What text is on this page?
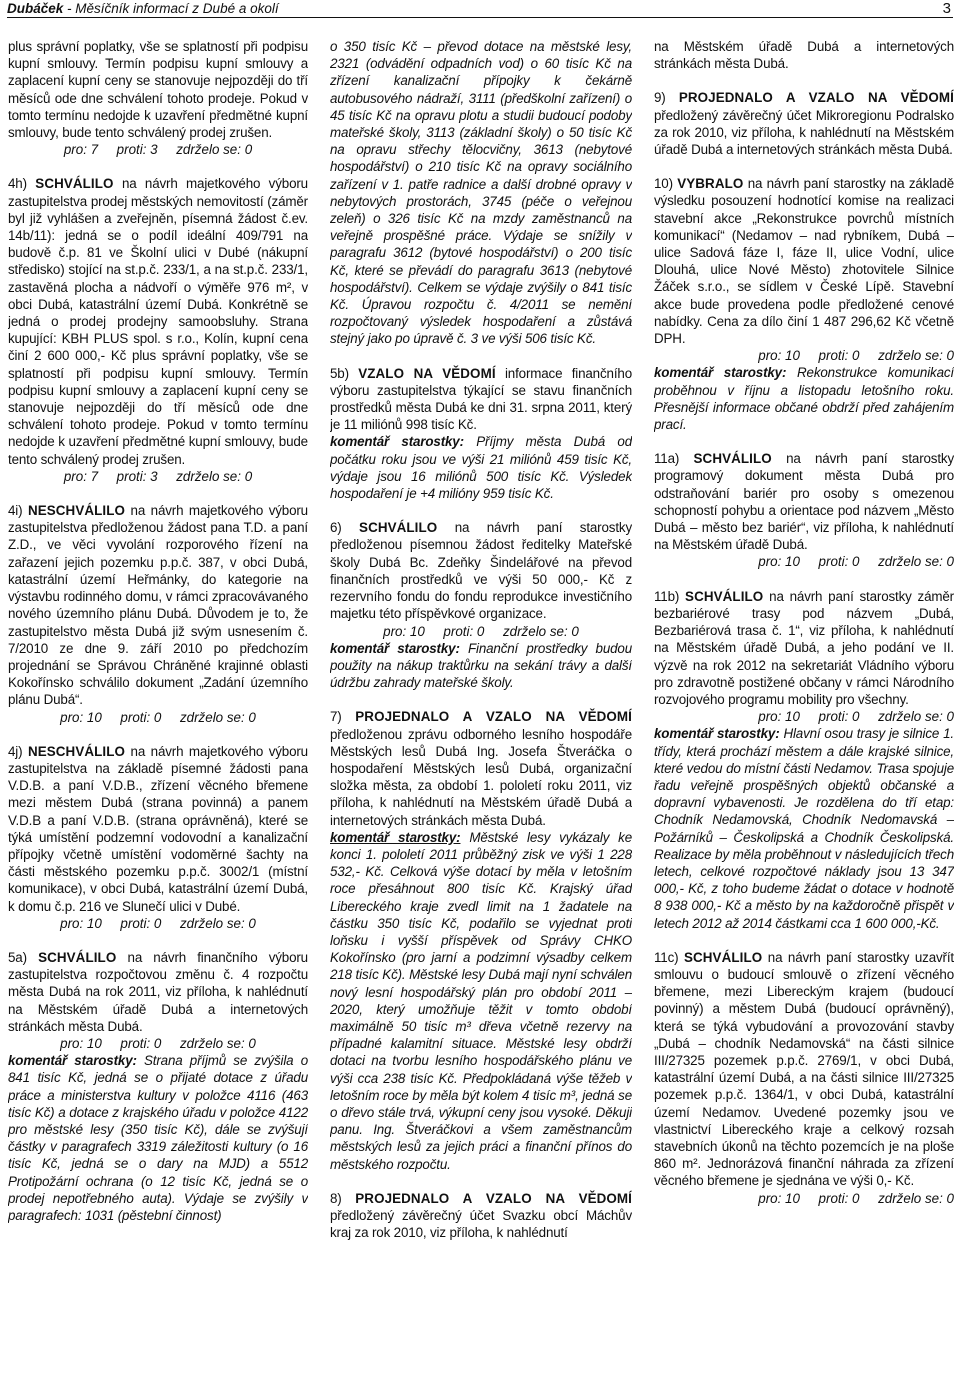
Dubáček - Měsíčník informací z Dubé a okolí	3

plus správní poplatky, vše se splatností při podpisu kupní smlouvy. Termín podpisu kupní smlouvy a zaplacení kupní ceny se stanovuje nejpozději do tří měsíců ode dne schválení tohoto prodeje. Pokud v tomto termínu nedojde k uzavření předmětné kupní smlouvy, bude tento schválený prodej zrušen.

pro: 7     proti: 3     zdrželo se: 0

4h) SCHVÁLILO na návrh majetkového výboru zastupitelstva prodej městských nemovitostí (záměr byl již vyhlášen a zveřejněn, písemná žádost č.ev. 14b/11): jedná se o podíl ideální 409/791 na budově č.p. 81 ve Školní ulici v Dubé (nákupní středisko) stojící na st.p.č. 233/1, a na st.p.č. 233/1, zastavěná plocha a nádvoří o výměře 976 m², v obci Dubá, katastrální území Dubá. Konkrétně se jedná o prodej prodejny samoobsluhy. Strana kupující: KBH PLUS spol. s r.o., Kolín, kupní cena činí 2 600 000,- Kč plus správní poplatky, vše se splatností při podpisu kupní smlouvy. Termín podpisu kupní smlouvy a zaplacení kupní ceny se stanovuje nejpozději do tří měsíců ode dne schválení tohoto prodeje. Pokud v tomto termínu nedojde k uzavření předmětné kupní smlouvy, bude tento schválený prodej zrušen.

pro: 7     proti: 3     zdrželo se: 0

4i) NESCHVÁLILO na návrh majetkového výboru zastupitelstva předloženou žádost pana T.D. a paní Z.D., ve věci vyvolání rozporového řízení na zařazení jejich pozemku p.p.č. 387, v obci Dubá, katastrální území Heřmánky, do kategorie na výstavbu rodinného domu, v rámci zpracovávaného nového územního plánu Dubá. Důvodem je to, že zastupitelstvo města Dubá již svým usnesením č. 7/2010 ze dne 9. září 2010 po předchozím projednání se Správou Chráněné krajinné oblasti Kokořínsko schválilo dokument „Zadání územního plánu Dubá“.

pro: 10     proti: 0     zdrželo se: 0

4j) NESCHVÁLILO na návrh majetkového výboru zastupitelstva na základě písemné žádosti pana V.D.B. a paní V.D.B., zřízení věcného břemene mezi městem Dubá (strana povinná) a panem V.D.B a paní V.D.B. (strana oprávněná), které se týká umístění podzemní vodovodní a kanalizační přípojky včetně umístění vodoměrné šachty na části městského pozemku p.p.č. 3002/1 (místní komunikace), v obci Dubá, katastrální území Dubá, k domu č.p. 216 ve Slunečí ulici v Dubé.

pro: 10     proti: 0     zdrželo se: 0

5a) SCHVÁLILO na návrh finančního výboru zastupitelstva rozpočtovou změnu č. 4 rozpočtu města Dubá na rok 2011, viz příloha, k nahlédnutí na Městském úřadě Dubá a internetových stránkách města Dubá.

pro: 10     proti: 0     zdrželo se: 0

komentář starostky: Strana příjmů se zvýšila o 841 tisíc Kč, jedná se o přijaté dotace z úřadu práce a ministerstva kultury v položce 4116 (463 tisíc Kč) a dotace z krajského úřadu v položce 4122 pro městské lesy (350 tisíc Kč), dále se zvýšují částky v paragrafech 3319 záležitosti kultury (o 16 tisíc Kč, jedná se o dary na MJD) a 5512 Protipožární ochrana (o 12 tisíc Kč, jedná se o prodej nepotřebného auta). Výdaje se zvýšily v paragrafech: 1031 (pěstební činnost)

o 350 tisíc Kč – převod dotace na městské lesy, 2321 (odvádění odpadních vod) o 60 tisíc Kč na zřízení kanalizační přípojky k čekárně autobusového nádraží, 3111 (předškolní zařízení) o 45 tisíc Kč na opravu plotu a studii budoucí podoby mateřské školy, 3113 (základní školy) o 50 tisíc Kč na opravu střechy tělocvičny, 3613 (nebytové hospodářství) o 210 tisíc Kč na opravy sociálního zařízení v 1. patře radnice a další drobné opravy v nebytových prostorách, 3745 (péče o veřejnou zeleň) o 326 tisíc Kč na mzdy zaměstnanců na veřejně prospěšné práce. Výdaje se snížily v paragrafu 3612 (bytové hospodářství) o 200 tisíc Kč, které se převádí do paragrafu 3613 (nebytové hospodářství). Celkem se výdaje zvýšily o 841 tisíc Kč. Úpravou rozpočtu č. 4/2011 se nemění rozpočtovaný výsledek hospodaření a zůstává stejný jako po úpravě č. 3 ve výši 506 tisíc Kč.

5b) VZALO NA VĚDOMÍ informace finančního výboru zastupitelstva týkající se stavu finančních prostředků města Dubá ke dni 31. srpna 2011, který je 11 miliónů 998 tisíc Kč.

komentář starostky: Příjmy města Dubá od počátku roku jsou ve výši 21 miliónů 459 tisíc Kč, výdaje jsou 16 miliónů 500 tisíc Kč. Výsledek hospodaření je +4 milióny 959 tisíc Kč.

6) SCHVÁLILO na návrh paní starostky předloženou písemnou žádost ředitelky Mateřské školy Dubá Bc. Zdeňky Šindelářové na převod finančních prostředků ve výši 50 000,- Kč z rezervního fondu do fondu reprodukce investičního majetku této příspěvkové organizace.

pro: 10     proti: 0     zdrželo se: 0

komentář starostky: Finanční prostředky budou použity na nákup traktůrku na sekání trávy a další údržbu zahrady mateřské školy.

7) PROJEDNALO A VZALO NA VĚDOMÍ předloženou zprávu odborného lesního hospodáře Městských lesů Dubá Ing. Josefa Štveráčka o hospodaření Městských lesů Dubá, organizační složka města, za období 1. pololetí roku 2011, viz příloha, k nahlédnutí na Městském úřadě Dubá a internetových stránkách města Dubá.

komentář starostky: Městské lesy vykázaly ke konci 1. pololetí 2011 průběžný zisk ve výši 1 228 532,- Kč. Celková výše dotací by měla v letošním roce přesáhnout 800 tisíc Kč. Krajský úřad Libereckého kraje zvedl limit na 1 žadatele na částku 350 tisíc Kč, podařilo se vyjednat proti loňsku i vyšší příspěvek od Správy CHKO Kokořínsko (pro jarní a podzimní výsadby celkem 218 tisíc Kč). Městské lesy Dubá mají nyní schválen nový lesní hospodářský plán pro období 2011 – 2020, který umožňuje těžit v tomto období maximálně 50 tisíc m³ dřeva včetně rezervy na případné kalamitní situace. Městské lesy obdrží dotaci na tvorbu lesního hospodářského plánu ve výši cca 238 tisíc Kč. Předpokládaná výše těžeb v letošním roce by měla být kolem 4 tisíc m³, jedná se o dřevo stále trvá, výkupní ceny jsou vysoké. Děkuji panu. Ing. Štveráčkovi a všem zaměstnancům městských lesů za jejich práci a finanční přínos do městského rozpočtu.

8) PROJEDNALO A VZALO NA VĚDOMÍ předložený závěrečný účet Svazku obcí Máchův kraj za rok 2010, viz příloha, k nahlédnutí

na Městském úřadě Dubá a internetových stránkách města Dubá.

9) PROJEDNALO A VZALO NA VĚDOMÍ předložený závěrečný účet Mikroregionu Podralsko za rok 2010, viz příloha, k nahlédnutí na Městském úřadě Dubá a internetových stránkách města Dubá.

10) VYBRALO na návrh paní starostky na základě výsledku posouzení hodnotící komise na realizaci stavební akce „Rekonstrukce povrchů místních komunikací“ (Nedamov – nad rybníkem, Dubá – ulice Sadová fáze I, fáze II, ulice Vodní, ulice Dlouhá, ulice Nové Město) zhotovitele Silnice Žáček s.r.o., se sídlem v České Lípě. Stavební akce bude provedena podle předložené cenové nabídky. Cena za dílo činí 1 487 296,62 Kč včetně DPH.

pro: 10     proti: 0     zdrželo se: 0

komentář starostky: Rekonstrukce komunikací proběhnou v říjnu a listopadu letošního roku. Přesnější informace občané obdrží před zahájením prací.

11a) SCHVÁLILO na návrh paní starostky programový dokument města Dubá pro odstraňování bariér pro osoby s omezenou schopností pohybu a orientace pod názvem „Město Dubá – město bez bariér“, viz příloha, k nahlédnutí na Městském úřadě Dubá.

pro: 10     proti: 0     zdrželo se: 0

11b) SCHVÁLILO na návrh paní starostky záměr bezbariérové trasy pod názvem „Dubá, Bezbariérová trasa č. 1“, viz příloha, k nahlédnutí na Městském úřadě Dubá, a jeho podání ve II. výzvě na rok 2012 na sekretariát Vládního výboru pro zdravotně postižené občany v rámci Národního rozvojového programu mobility pro všechny.

pro: 10     proti: 0     zdrželo se: 0

komentář starostky: Hlavní osou trasy je silnice 1. třídy, která prochází městem a dále krajské silnice, které vedou do místní části Nedamov. Trasa spojuje řadu veřejně prospěšných objektů občanské a dopravní vybavenosti. Je rozdělena do tří etap: Chodník Nedamovská, Chodník Nedomavská – Požárníků – Českolipská a Chodník Českolipská. Realizace by měla proběhnout v následujících třech letech, celkové rozpočtové náklady jsou 13 347 000,- Kč, z toho budeme žádat o dotace v hodnotě 8 938 000,- Kč a město by na každoročně přispět v letech 2012 až 2014 částkami cca 1 600 000,-Kč.

11c) SCHVÁLILO na návrh paní starostky uzavřít smlouvu o budoucí smlouvě o zřízení věcného břemene, mezi Libereckým krajem (budoucí povinný) a městem Dubá (budoucí oprávněný), která se týká vybudování a provozování stavby „Dubá – chodník Nedamovská“ na části silnice III/27325 pozemek p.p.č. 2769/1, v obci Dubá, katastrální území Dubá, a na části silnice III/27325 pozemek p.p.č. 1364/1, v obci Dubá, katastrální území Nedamov. Uvedené pozemky jsou ve vlastnictví Libereckého kraje a celkový rozsah stavebních úkonů na těchto pozemcích je na ploše 860 m². Jednorázová finanční náhrada za zřízení věcného břemene je sjednána ve výši 0,- Kč.

pro: 10     proti: 0     zdrželo se: 0
